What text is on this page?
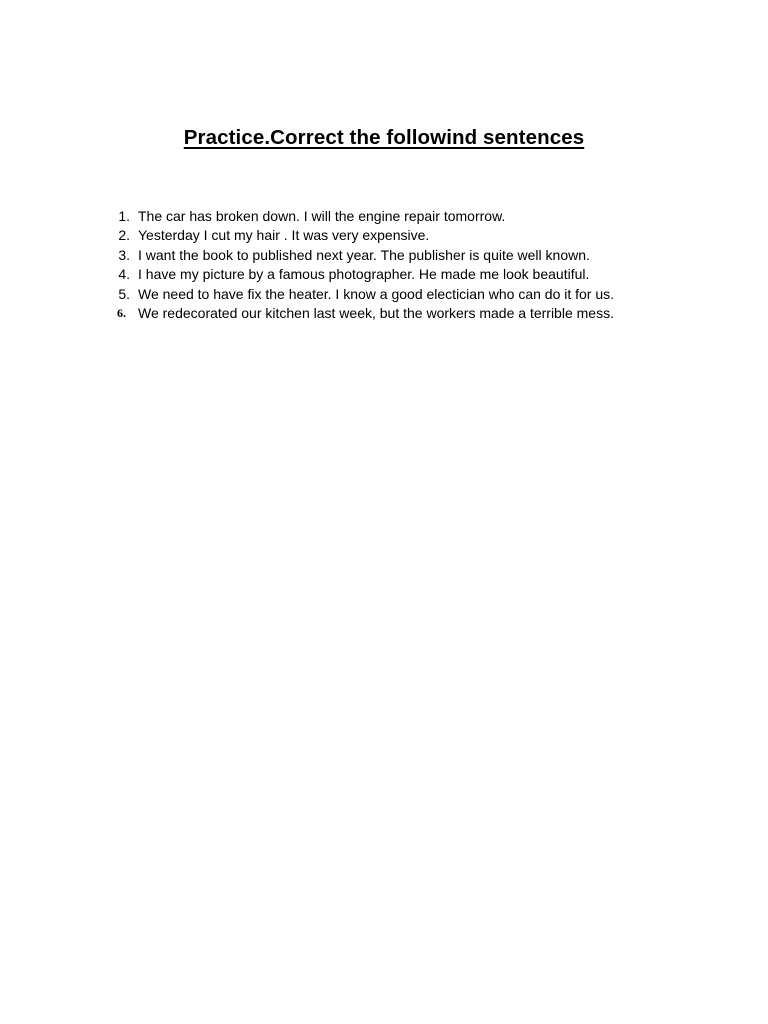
Practice.Correct the followind sentences
1. The car has broken down. I will the engine repair tomorrow.
2. Yesterday I cut my hair . It was very expensive.
3. I want the book to published next year. The publisher is quite well known.
4. I have my picture by a famous photographer. He made me look beautiful.
5. We need to have fix the heater. I know a good electician who can do it for us.
6. We redecorated our kitchen last week, but the workers made a terrible mess.
